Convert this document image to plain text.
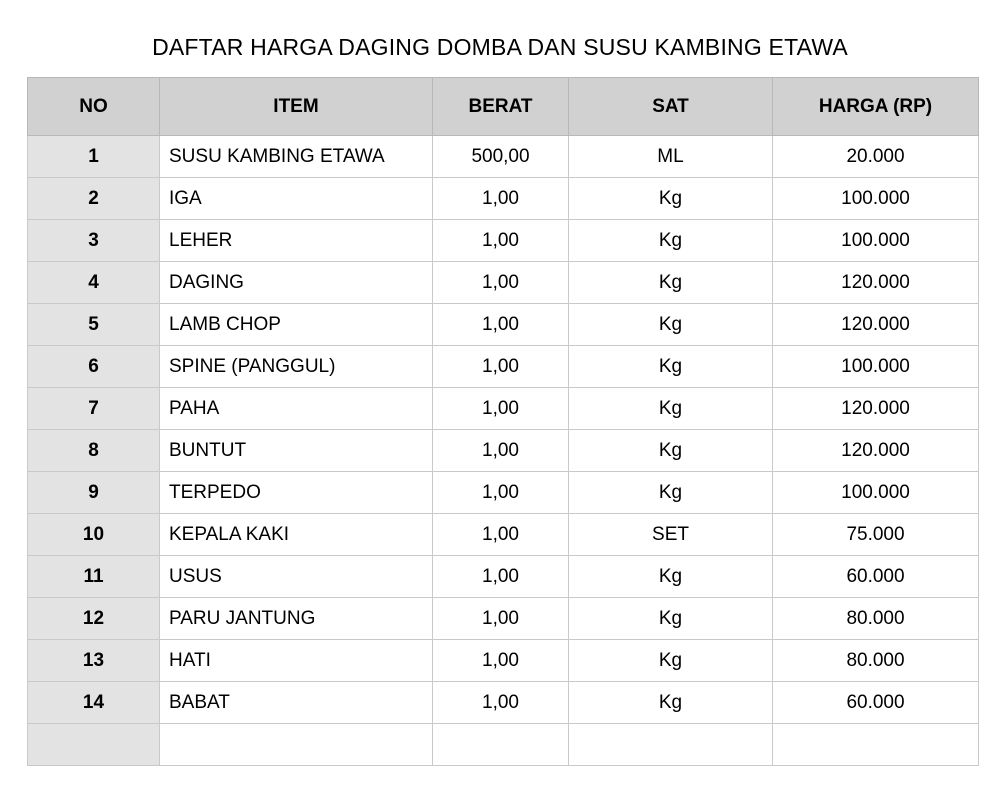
DAFTAR HARGA DAGING DOMBA DAN SUSU KAMBING ETAWA
NO	ITEM	BERAT	SAT	HARGA (RP)
1	SUSU KAMBING ETAWA	500,00	ML	20.000
2	IGA	1,00	Kg	100.000
3	LEHER	1,00	Kg	100.000
4	DAGING	1,00	Kg	120.000
5	LAMB CHOP	1,00	Kg	120.000
6	SPINE (PANGGUL)	1,00	Kg	100.000
7	PAHA	1,00	Kg	120.000
8	BUNTUT	1,00	Kg	120.000
9	TERPEDO	1,00	Kg	100.000
10	KEPALA KAKI	1,00	SET	75.000
11	USUS	1,00	Kg	60.000
12	PARU JANTUNG	1,00	Kg	80.000
13	HATI	1,00	Kg	80.000
14	BABAT	1,00	Kg	60.000
